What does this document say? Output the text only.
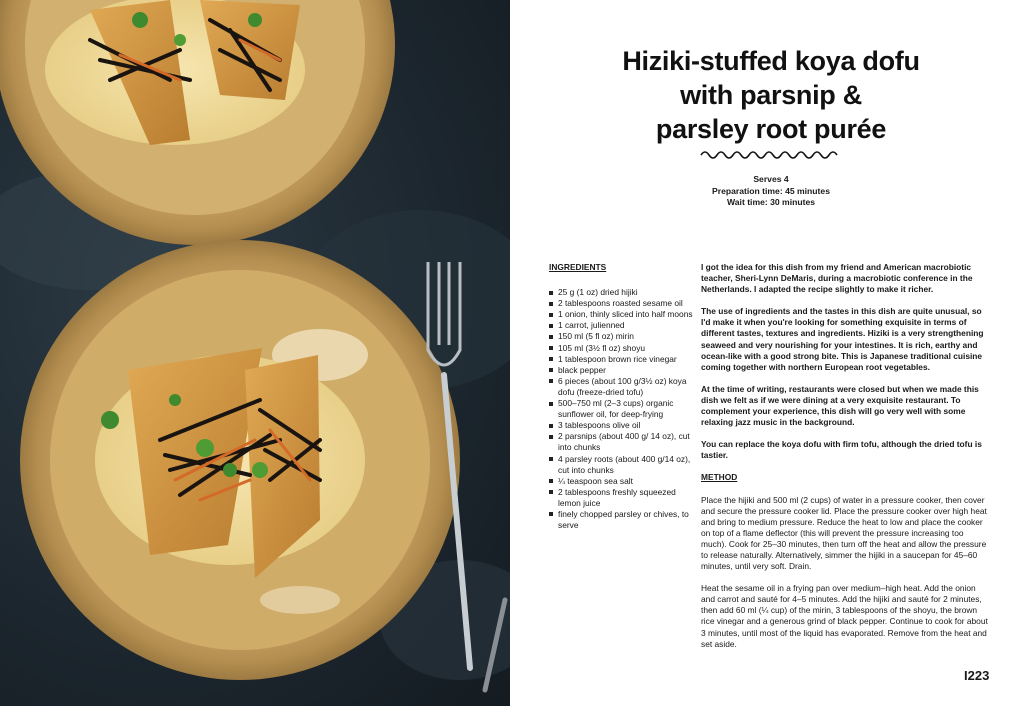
Hiziki-stuffed koya dofu
with parsnip &
parsley root purée
Serves 4
Preparation time: 45 minutes
Wait time: 30 minutes
INGREDIENTS
25 g (1 oz) dried hijiki
2 tablespoons roasted sesame oil
1 onion, thinly sliced into half moons
1 carrot, julienned
150 ml (5 fl oz) mirin
105 ml (3½ fl oz) shoyu
1 tablespoon brown rice vinegar
black pepper
6 pieces (about 100 g/3½ oz) koya dofu (freeze-dried tofu)
500–750 ml (2–3 cups) organic sunflower oil, for deep-frying
3 tablespoons olive oil
2 parsnips (about 400 g/ 14 oz), cut into chunks
4 parsley roots (about 400 g/14 oz), cut into chunks
¼ teaspoon sea salt
2 tablespoons freshly squeezed lemon juice
finely chopped parsley or chives, to serve

I got the idea for this dish from my friend and American macrobiotic teacher, Sheri-Lynn DeMaris, during a macrobiotic conference in the Netherlands. I adapted the recipe slightly to make it richer.

The use of ingredients and the tastes in this dish are quite unusual, so I'd make it when you're looking for something exquisite in terms of different tastes, textures and ingredients. Hiziki is a very strengthening seaweed and very nourishing for your intestines. It is rich, earthy and ocean-like with a good strong bite. This is Japanese traditional cuisine coming together with northern European root vegetables.

At the time of writing, restaurants were closed but when we made this dish we felt as if we were dining at a very exquisite restaurant. To complement your experience, this dish will go very well with some relaxing jazz music in the background.

You can replace the koya dofu with firm tofu, although the dried tofu is tastier.

METHOD

Place the hijiki and 500 ml (2 cups) of water in a pressure cooker, then cover and secure the pressure cooker lid. Place the pressure cooker over high heat and bring to medium pressure. Reduce the heat to low and place the cooker on top of a flame deflector (this will prevent the pressure increasing too much). Cook for 25–30 minutes, then turn off the heat and allow the pressure to release naturally. Alternatively, simmer the hijiki in a saucepan for 45–60 minutes, until very soft. Drain.

Heat the sesame oil in a frying pan over medium–high heat. Add the onion and carrot and sauté for 4–5 minutes. Add the hijiki and sauté for 2 minutes, then add 60 ml (¼ cup) of the mirin, 3 tablespoons of the shoyu, the brown rice vinegar and a generous grind of black pepper. Continue to cook for about 3 minutes, until most of the liquid has evaporated. Remove from the heat and set aside.

I223
